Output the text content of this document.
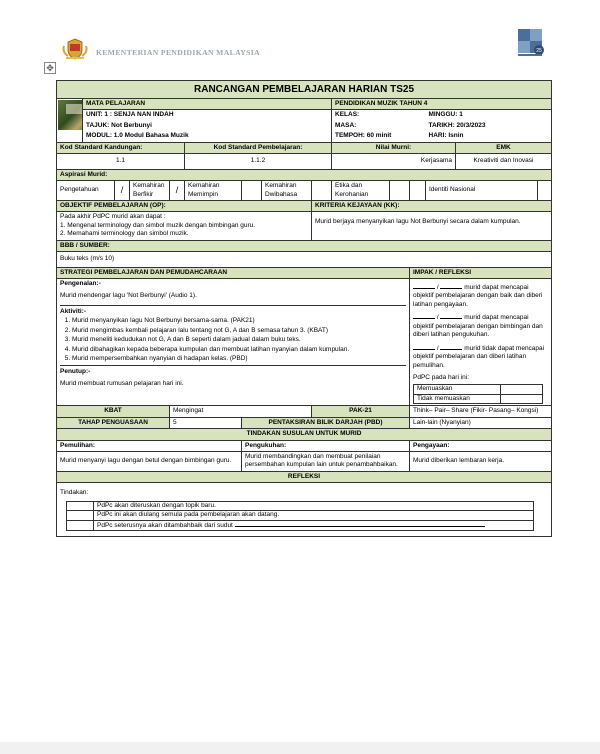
KEMENTERIAN PENDIDIKAN MALAYSIA
✥
25
RANCANGAN PEMBELAJARAN HARIAN TS25

	MATA PELAJARAN	PENDIDIKAN MUZIK TAHUN 4
UNIT: 1 : SENJA NAN INDAH	KELAS:	MINGGU: 1
TAJUK: Not Berbunyi	MASA:	TARIKH: 20/3/2023
MODUL: 1.0 Modul Bahasa Muzik	TEMPOH: 60 minit	HARI: Isnin
Kod Standard Kandungan:	Kod Standard Pembelajaran:	Nilai Murni:	EMK
1.1	1.1.2	Kerjasama	Kreativiti dan Inovasi
Aspirasi Murid:
Pengetahuan	/	Kemahiran Berfikir	/	Kemahiran Memimpin		Kemahiran Dwibahasa		Etika dan Kerohanian			Identiti Nasional	
OBJEKTIF PEMBELAJARAN (OP):	KRITERIA KEJAYAAN (KK):

Pada akhir PdPC murid akan dapat :
1. Mengenal terminology dan simbol muzik dengan bimbingan guru.
2. Memahami terminology dan simbol muzik.
	Murid berjaya menyanyikan lagu Not Berbunyi secara dalam kumpulan.
BBB / SUMBER:
Buku teks (m/s 10)
STRATEGI PEMBELAJARAN DAN PEMUDAHCARAAN	IMPAK / REFLEKSI

Pengenalan:-
Murid mendengar lagu 'Not Berbunyi' (Audio 1).
Aktiviti:-
1. Murid menyanyikan lagu Not Berbunyi bersama-sama. (PAK21)
2. Murid mengimbas kembali pelajaran lalu tentang not G, A dan B semasa tahun 3. (KBAT)
3. Murid meneliti kedudukan not G, A dan B seperti dalam jadual dalam buku teks.
4. Murid dibahagikan kepada beberapa kumpulan dan membuat latihan nyanyian dalam kumpulan.
5. Murid mempersembahkan nyanyian di hadapan kelas. (PBD)
Penutup:-
Murid membuat rumusan pelajaran hari ini.

/	murid dapat mencapai objektif pembelajaran dengan baik dan diberi latihan pengayaan.
/	murid dapat mencapai objektif pembelajaran dengan bimbingan dan diberi latihan pengukuhan.
/	murid tidak dapat mencapai objektif pembelajaran dan diberi latihan pemulihan.
PdPC pada hari ini:
Memuaskan	
Tidak memuaskan	

KBAT	Mengingat	PAK-21	Think– Pair– Share (Fikir- Pasang– Kongsi)
TAHAP PENGUASAAN	5	PENTAKSIRAN BILIK DARJAH (PBD)	Lain-lain (Nyanyian)
TINDAKAN SUSULAN UNTUK MURID
Pemulihan:	Pengukuhan:	Pengayaan:
Murid menyanyi lagu dengan betul dengan bimbingan guru.	Murid membandingkan dan membuat penilaian persembahan kumpulan lain untuk penambahbaikan.	Murid diberikan lembaran kerja.
REFLEKSI

Tindakan:
	PdPc akan diteruskan dengan topik baru.
	PdPc ini akan diulang semula pada pembelajaran akan datang.
	PdPc seterusnya akan ditambahbaik dari sudut
